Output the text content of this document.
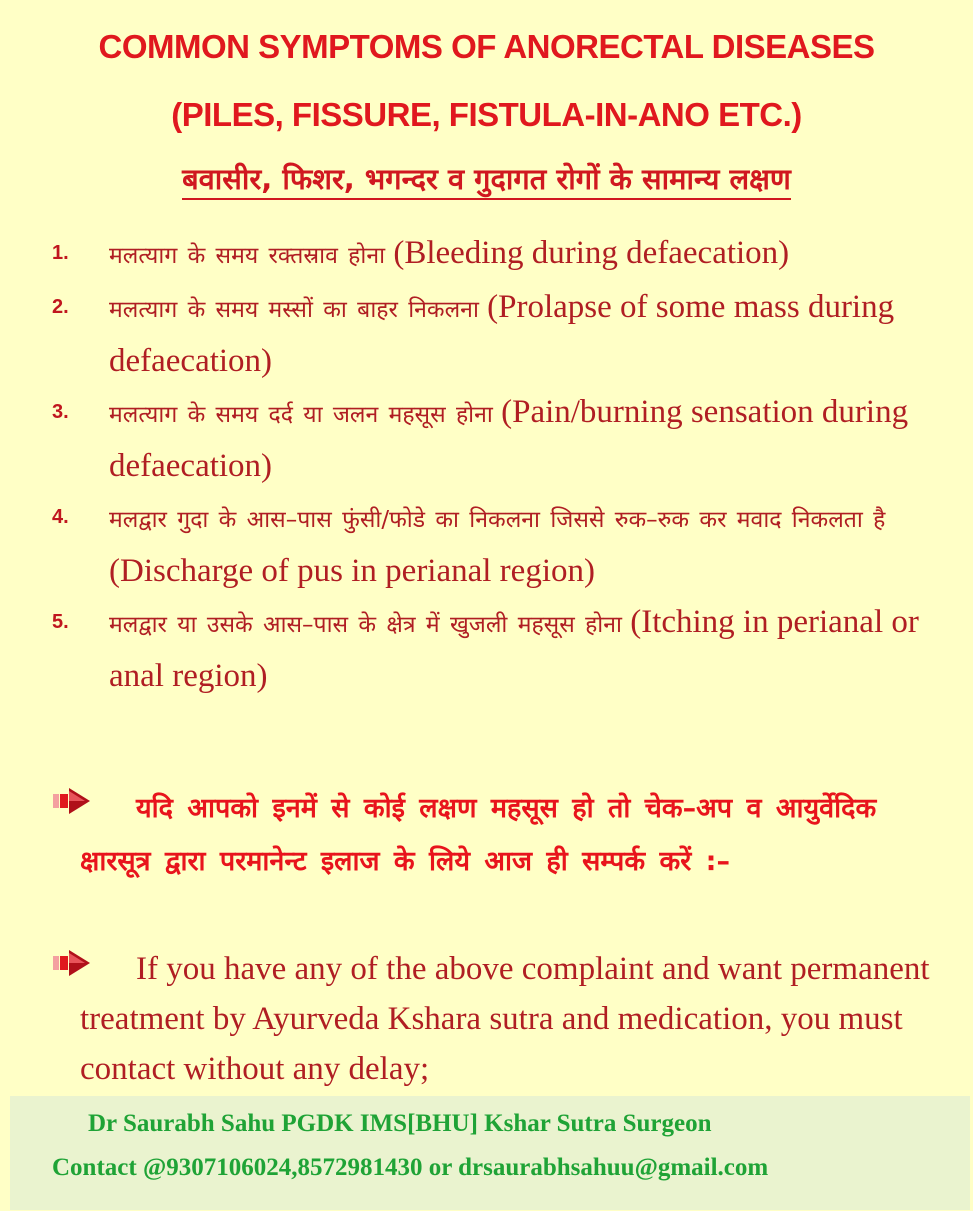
COMMON SYMPTOMS OF ANORECTAL DISEASES
(PILES, FISSURE, FISTULA-IN-ANO ETC.)
बवासीर, फिशर, भगन्दर व गुदागत रोगों के सामान्य लक्षण
1. मलत्याग के समय रक्तस्राव होना (Bleeding during defaecation)
2. मलत्याग के समय मस्सों का बाहर निकलना (Prolapse of some mass during defaecation)
3. मलत्याग के समय दर्द या जलन महसूस होना (Pain/burning sensation during defaecation)
4. मलद्वार गुदा के आस–पास फुंसी/फोडे का निकलना जिससे रुक–रुक कर मवाद निकलता है (Discharge of pus in perianal region)
5. मलद्वार या उसके आस–पास के क्षेत्र में खुजली महसूस होना (Itching in perianal or anal region)
यदि आपको इनमें से कोई लक्षण महसूस हो तो चेक–अप व आयुर्वेदिक क्षारसूत्र द्वारा परमानेन्ट इलाज के लिये आज ही सम्पर्क करें :–
If you have any of the above complaint and want permanent treatment by Ayurveda Kshara sutra and medication, you must contact without any delay;

Dr Saurabh Sahu PGDK IMS[BHU] Kshar Sutra Surgeon

Contact @9307106024,8572981430 or drsaurabhsahuu@gmail.com
